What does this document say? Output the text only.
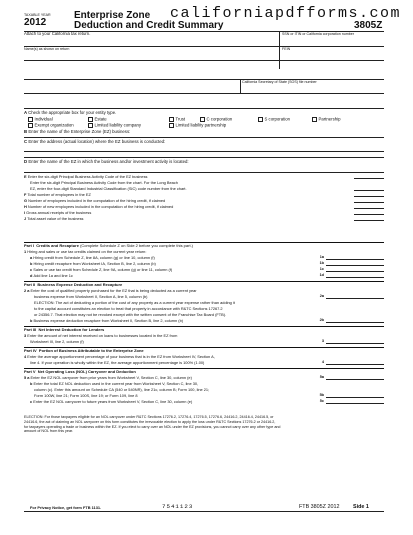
TAXABLE YEAR
2012
Enterprise Zone
Deduction and Credit Summary
californiapdfforms.com
3805Z
Attach to your California tax return.	SSN or ITIN or California corporation number
Name(s) as shown on return	FEIN
California Secretary of State (SOS) file number
A Check the appropriate box for your entity type.
Individual	Estate	Trust	C corporation	S corporation	Partnership
Exempt organization	Limited liability company	Limited liability partnership
B Enter the name of the Enterprise Zone (EZ) business:
C Enter the address (actual location) where the EZ business is conducted:
D Enter the name of the EZ in which the business and/or investment activity is located:
E Enter the six-digit Principal Business Activity Code of the EZ business
Enter the six-digit Principal Business Activity Code from the chart. For the Long Beach
EZ, enter the four-digit Standard Industrial Classification (SIC) code number from the chart.
F Total number of employees in the EZ
G Number of employees included in the computation of the hiring credit, if claimed
H Number of new employees included in the computation of the hiring credit, if claimed
I Gross annual receipts of the business
J Total asset value of the business
Part I Credits and Recapture (Complete Schedule Z on Side 2 before you complete this part.)
1 Hiring and sales or use tax credits claimed on the current year return:
a Hiring credit from Schedule Z, line 8A, column (g) or line 10, column (f)	1a
b Hiring credit recapture from Worksheet IA, Section B, line 2, column (b)	1b
c Sales or use tax credit from Schedule Z, line 9A, column (g) or line 11, column (f)	1c
d Add line 1a and line 1c	1d
Part II Business Expense Deduction and Recapture
2 a Enter the cost of qualified property purchased for the EZ that is being deducted as a current year
business expense from Worksheet II, Section A, line 5, column (b)	2a
ELECTION: The act of deducting a portion of the cost of any property as a current year expense rather than adding it
to the capital account constitutes an election to treat that property in accordance with R&TC Sections 17267.2
or 24356.7. That election may not be revoked except with the written consent of the Franchise Tax Board (FTB).
b Business expense deduction recapture from Worksheet II, Section B, line 2, column (b)	2b
Part III Net Interest Deduction for Lenders
3 Enter the amount of net interest received on loans to businesses located in the EZ from
Worksheet III, line 2, column (f)	3
Part IV Portion of Business Attributable to the Enterprise Zone
4 Enter the average apportionment percentage of your business that is in the EZ from Worksheet IV, Section A,
line 4. If your operation is wholly within the EZ, the average apportionment percentage is 100% (1.00)	4
Part V Net Operating Loss (NOL) Carryover and Deduction
5 a Enter the EZ NOL carryover from prior years from Worksheet V, Section C, line 30, column (e)	5a
b Enter the total EZ NOL deduction used in the current year from Worksheet V, Section C, line 30,
column (c). Enter this amount on Schedule CA (540 or 540NR), line 21c, column B; Form 100, line 21;
Form 100W, line 21; Form 100S, line 19; or Form 109, line 8	5b
c Enter the EZ NOL carryover to future years from Worksheet V, Section C, line 30, column (e)	5c
ELECTION: For those taxpayers eligible for an NOL carryover under R&TC Sections 17276.2, 17276.4, 17276.5, 17276.6, 24416.2, 24416.4, 24416.5, or
24416.6, the act of claiming an NOL carryover on this form constitutes the irrevocable election to apply the loss under R&TC Sections 17276.2 or 24416.2,
for taxpayers operating a trade or business within the EZ. If you elect to carry over an NOL under the EZ provisions, you cannot carry over any other type and
amount of NOL from this year.
For Privacy Notice, get form FTB 1131.	7541123	FTB 3805Z 2012	Side 1
